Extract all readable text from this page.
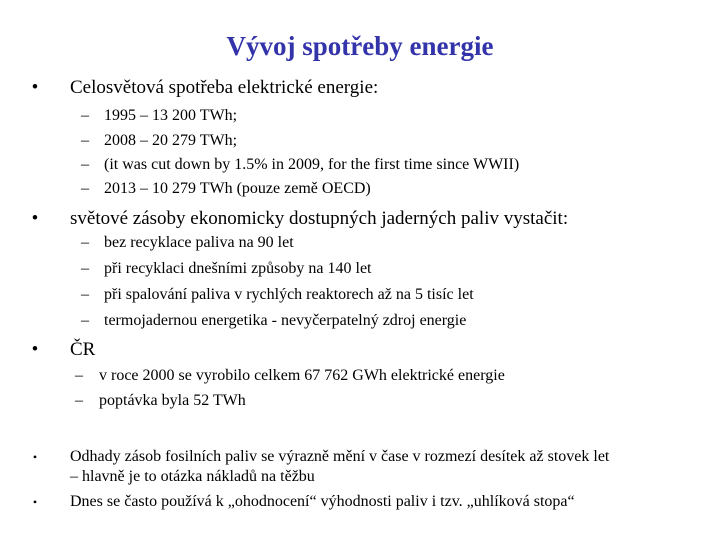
Vývoj spotřeby energie
• Celosvětová spotřeba elektrické energie:
– 1995 – 13 200 TWh;
– 2008 – 20 279 TWh;
– (it was cut down by 1.5% in 2009, for the first time since WWII)
– 2013 – 10 279 TWh (pouze země OECD)
• světové zásoby ekonomicky dostupných jaderných paliv vystačit:
– bez recyklace paliva na 90 let
– při recyklaci dnešními způsoby na 140 let
– při spalování paliva v rychlých reaktorech až na 5 tisíc let
– termojadernou energetika - nevyčerpatelný zdroj energie
• ČR
– v roce 2000 se vyrobilo celkem 67 762 GWh elektrické energie
– poptávka byla 52 TWh
• Odhady zásob fosilních paliv se výrazně mění v čase v rozmezí desítek až stovek let
– hlavně je to otázka nákladů na těžbu
• Dnes se často používá k „ohodnocení“ výhodnosti paliv i tzv. „uhlíková stopa“
